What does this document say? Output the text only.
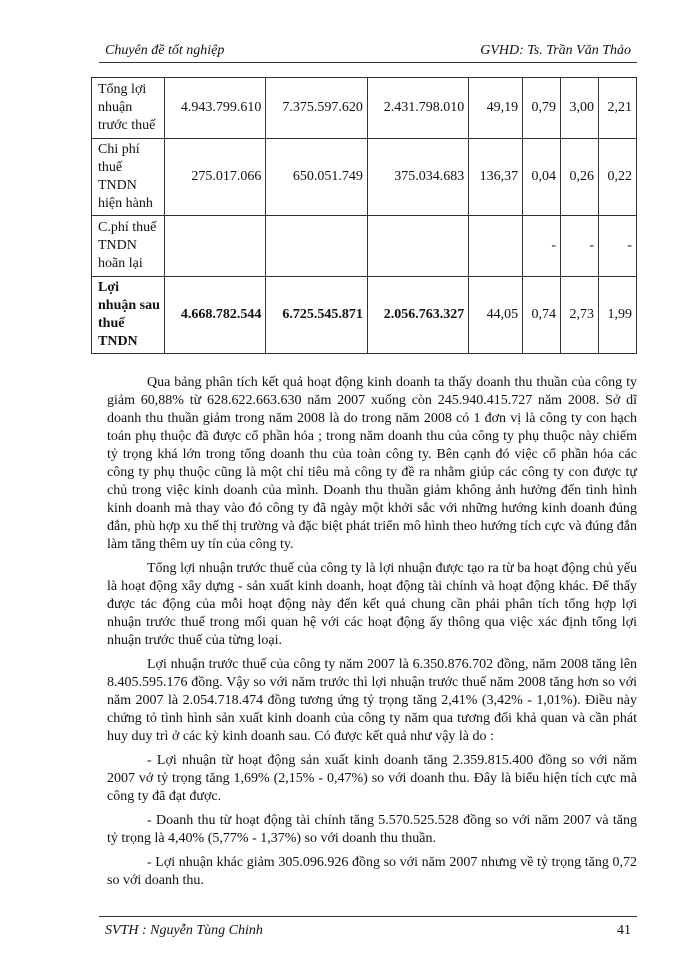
Chuyên đề tốt nghiệp	GVHD: Ts. Trần Văn Thảo
Tổng lợi nhuận trước thuế	4.943.799.610	7.375.597.620	2.431.798.010	49,19	0,79	3,00	2,21
Chi phí thuế TNDN hiện hành	275.017.066	650.051.749	375.034.683	136,37	0,04	0,26	0,22
C.phí thuế TNDN hoãn lại					-	-	-
Lợi nhuận sau thuế TNDN	4.668.782.544	6.725.545.871	2.056.763.327	44,05	0,74	2,73	1,99

Qua bảng phân tích kết quả hoạt động kinh doanh ta thấy doanh thu thuần của công ty giảm 60,88% từ 628.622.663.630 năm 2007 xuống còn 245.940.415.727 năm 2008. Sở dĩ doanh thu thuần giảm trong năm 2008 là do trong năm 2008 có 1 đơn vị là công ty con hạch toán phụ thuộc đã được cổ phần hóa ; trong năm doanh thu của công ty phụ thuộc này chiếm tỷ trọng khá lớn trong tổng doanh thu của toàn công ty. Bên cạnh đó việc cổ phần hóa các công ty phụ thuộc cũng là một chỉ tiêu mà công ty đề ra nhằm giúp các công ty con được tự chủ trong việc kinh doanh của mình. Doanh thu thuần giảm không ảnh hưởng đến tình hình kinh doanh mà thay vào đó công ty đã ngày một khởi sắc với những hướng kinh doanh đúng đắn, phù hợp xu thế thị trường và đặc biệt phát triển mô hình theo hướng tích cực và đúng đắn làm tăng thêm uy tín của công ty.

Tổng lợi nhuận trước thuế của công ty là lợi nhuận được tạo ra từ ba hoạt động chủ yếu là hoạt động xây dựng - sản xuất kinh doanh, hoạt động tài chính và hoạt động khác. Để thấy được tác động của mỗi hoạt động này đến kết quả chung cần phải phân tích tổng hợp lợi nhuận trước thuế trong mối quan hệ với các hoạt động ấy thông qua việc xác định tổng lợi nhuận trước thuế của từng loại.

Lợi nhuận trước thuế của công ty năm 2007 là 6.350.876.702 đồng, năm 2008 tăng lên 8.405.595.176 đồng. Vậy so với năm trước thì lợi nhuận trước thuế năm 2008 tăng hơn so với năm 2007 là 2.054.718.474 đồng tương ứng tỷ trọng tăng 2,41% (3,42% - 1,01%). Điều này chứng tỏ tình hình sản xuất kinh doanh của công ty năm qua tương đối khả quan và cần phát huy duy trì ở các kỳ kinh doanh sau. Có được kết quả như vậy là do :

- Lợi nhuận từ hoạt động sản xuất kinh doanh tăng 2.359.815.400 đồng so với năm 2007 vớ tỷ trọng tăng 1,69% (2,15% - 0,47%) so với doanh thu. Đây là biểu hiện tích cực mà công ty đã đạt được.

- Doanh thu từ hoạt động tài chính tăng 5.570.525.528 đồng so với năm 2007 và tăng tỷ trọng là 4,40% (5,77% - 1,37%) so với doanh thu thuần.

- Lợi nhuận khác giảm 305.096.926 đồng so với năm 2007 nhưng về tỷ trọng tăng 0,72 so với doanh thu.

SVTH : Nguyễn Tùng Chinh	41
